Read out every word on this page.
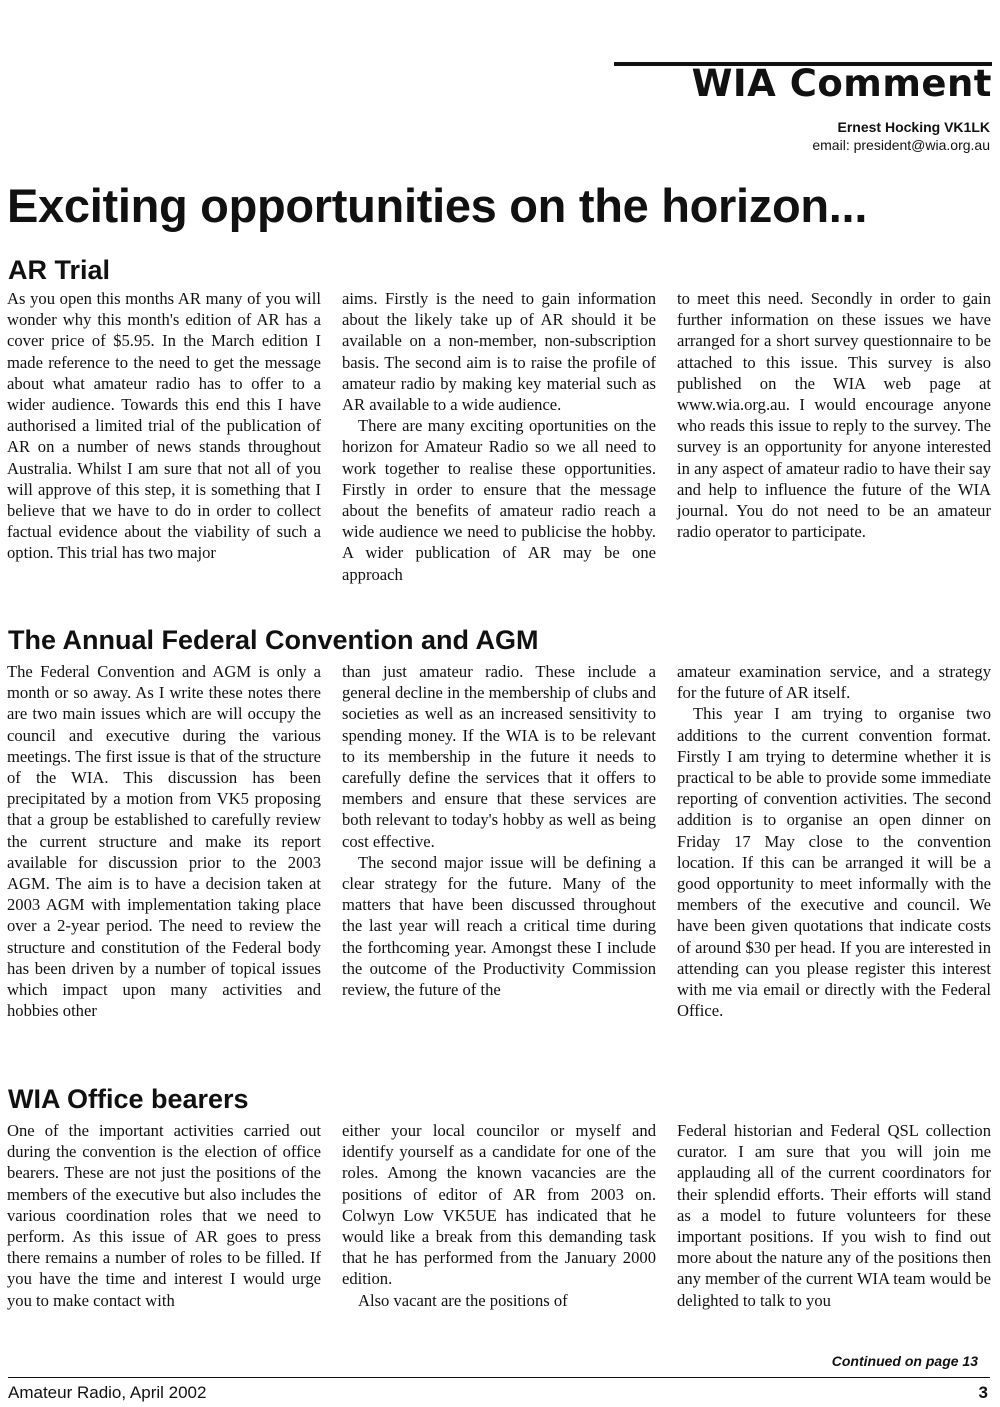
WIA Comment
Ernest Hocking VK1LK
email: president@wia.org.au
Exciting opportunities on the horizon...
AR Trial

As you open this months AR many of you will wonder why this month's edition of AR has a cover price of $5.95. In the March edition I made reference to the need to get the message about what amateur radio has to offer to a wider audience. Towards this end this I have authorised a limited trial of the publication of AR on a number of news stands throughout Australia. Whilst I am sure that not all of you will approve of this step, it is something that I believe that we have to do in order to collect factual evidence about the viability of such a option. This trial has two major

aims. Firstly is the need to gain information about the likely take up of AR should it be available on a non-member, non-subscription basis. The second aim is to raise the profile of amateur radio by making key material such as AR available to a wide audience.

There are many exciting oportunities on the horizon for Amateur Radio so we all need to work together to realise these opportunities. Firstly in order to ensure that the message about the benefits of amateur radio reach a wide audience we need to publicise the hobby. A wider publication of AR may be one approach

to meet this need. Secondly in order to gain further information on these issues we have arranged for a short survey questionnaire to be attached to this issue. This survey is also published on the WIA web page at www.wia.org.au. I would encourage anyone who reads this issue to reply to the survey. The survey is an opportunity for anyone interested in any aspect of amateur radio to have their say and help to influence the future of the WIA journal. You do not need to be an amateur radio operator to participate.

The Annual Federal Convention and AGM

The Federal Convention and AGM is only a month or so away. As I write these notes there are two main issues which are will occupy the council and executive during the various meetings. The first issue is that of the structure of the WIA. This discussion has been precipitated by a motion from VK5 proposing that a group be established to carefully review the current structure and make its report available for discussion prior to the 2003 AGM. The aim is to have a decision taken at 2003 AGM with implementation taking place over a 2-year period. The need to review the structure and constitution of the Federal body has been driven by a number of topical issues which impact upon many activities and hobbies other

than just amateur radio. These include a general decline in the membership of clubs and societies as well as an increased sensitivity to spending money. If the WIA is to be relevant to its membership in the future it needs to carefully define the services that it offers to members and ensure that these services are both relevant to today's hobby as well as being cost effective.

The second major issue will be defining a clear strategy for the future. Many of the matters that have been discussed throughout the last year will reach a critical time during the forthcoming year. Amongst these I include the outcome of the Productivity Commission review, the future of the

amateur examination service, and a strategy for the future of AR itself.

This year I am trying to organise two additions to the current convention format. Firstly I am trying to determine whether it is practical to be able to provide some immediate reporting of convention activities. The second addition is to organise an open dinner on Friday 17 May close to the convention location. If this can be arranged it will be a good opportunity to meet informally with the members of the executive and council. We have been given quotations that indicate costs of around $30 per head. If you are interested in attending can you please register this interest with me via email or directly with the Federal Office.

WIA Office bearers

One of the important activities carried out during the convention is the election of office bearers. These are not just the positions of the members of the executive but also includes the various coordination roles that we need to perform. As this issue of AR goes to press there remains a number of roles to be filled. If you have the time and interest I would urge you to make contact with

either your local councilor or myself and identify yourself as a candidate for one of the roles. Among the known vacancies are the positions of editor of AR from 2003 on. Colwyn Low VK5UE has indicated that he would like a break from this demanding task that he has performed from the January 2000 edition.

Also vacant are the positions of

Federal historian and Federal QSL collection curator. I am sure that you will join me applauding all of the current coordinators for their splendid efforts. Their efforts will stand as a model to future volunteers for these important positions. If you wish to find out more about the nature any of the positions then any member of the current WIA team would be delighted to talk to you

Continued on page 13
Amateur Radio, April 2002	3
